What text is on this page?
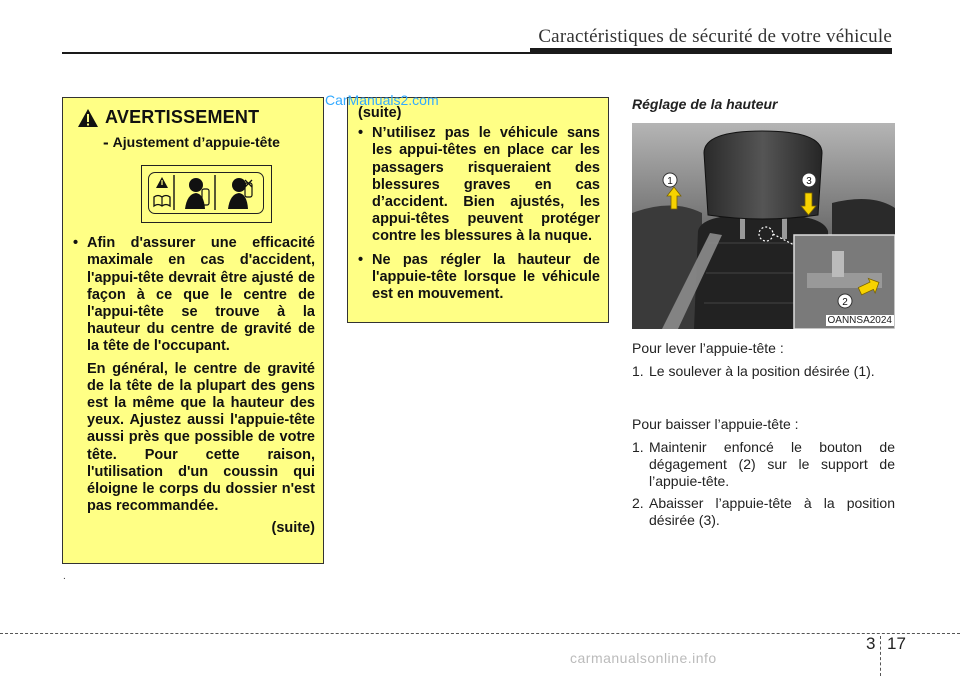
Caractéristiques de sécurité de votre véhicule
AVERTISSEMENT
- Ajustement d’appuie-tête
• Afin d'assurer une efficacité maximale en cas d'accident, l'appui-tête devrait être ajusté de façon à ce que le centre de l'appui-tête se trouve à la hauteur du centre de gravité de la tête de l'occupant.
En général, le centre de gravité de la tête de la plupart des gens est la même que la hauteur des yeux. Ajustez aussi l'appuie-tête aussi près que possible de votre tête. Pour cette raison, l'utilisation d'un coussin qui éloigne le corps du dossier n'est pas recommandée.
(suite)
(suite)
• N’utilisez pas le véhicule sans les appui-têtes en place car les passagers risqueraient des blessures graves en cas d’accident. Bien ajustés, les appui-têtes peuvent protéger contre les blessures à la nuque.
• Ne pas régler la hauteur de l'appuie-tête lorsque le véhicule est en mouvement.
CarManuals2.com
.
Réglage de la hauteur
1	3
2
OANNSA2024
Pour lever l’appuie-tête :
1. Le soulever à la position désirée (1).
Pour baisser l’appuie-tête :
1. Maintenir enfoncé le bouton de dégagement (2) sur le support de l’appuie-tête.
2. Abaisser l’appuie-tête à la position désirée (3).
3 17
carmanualsonline.info
